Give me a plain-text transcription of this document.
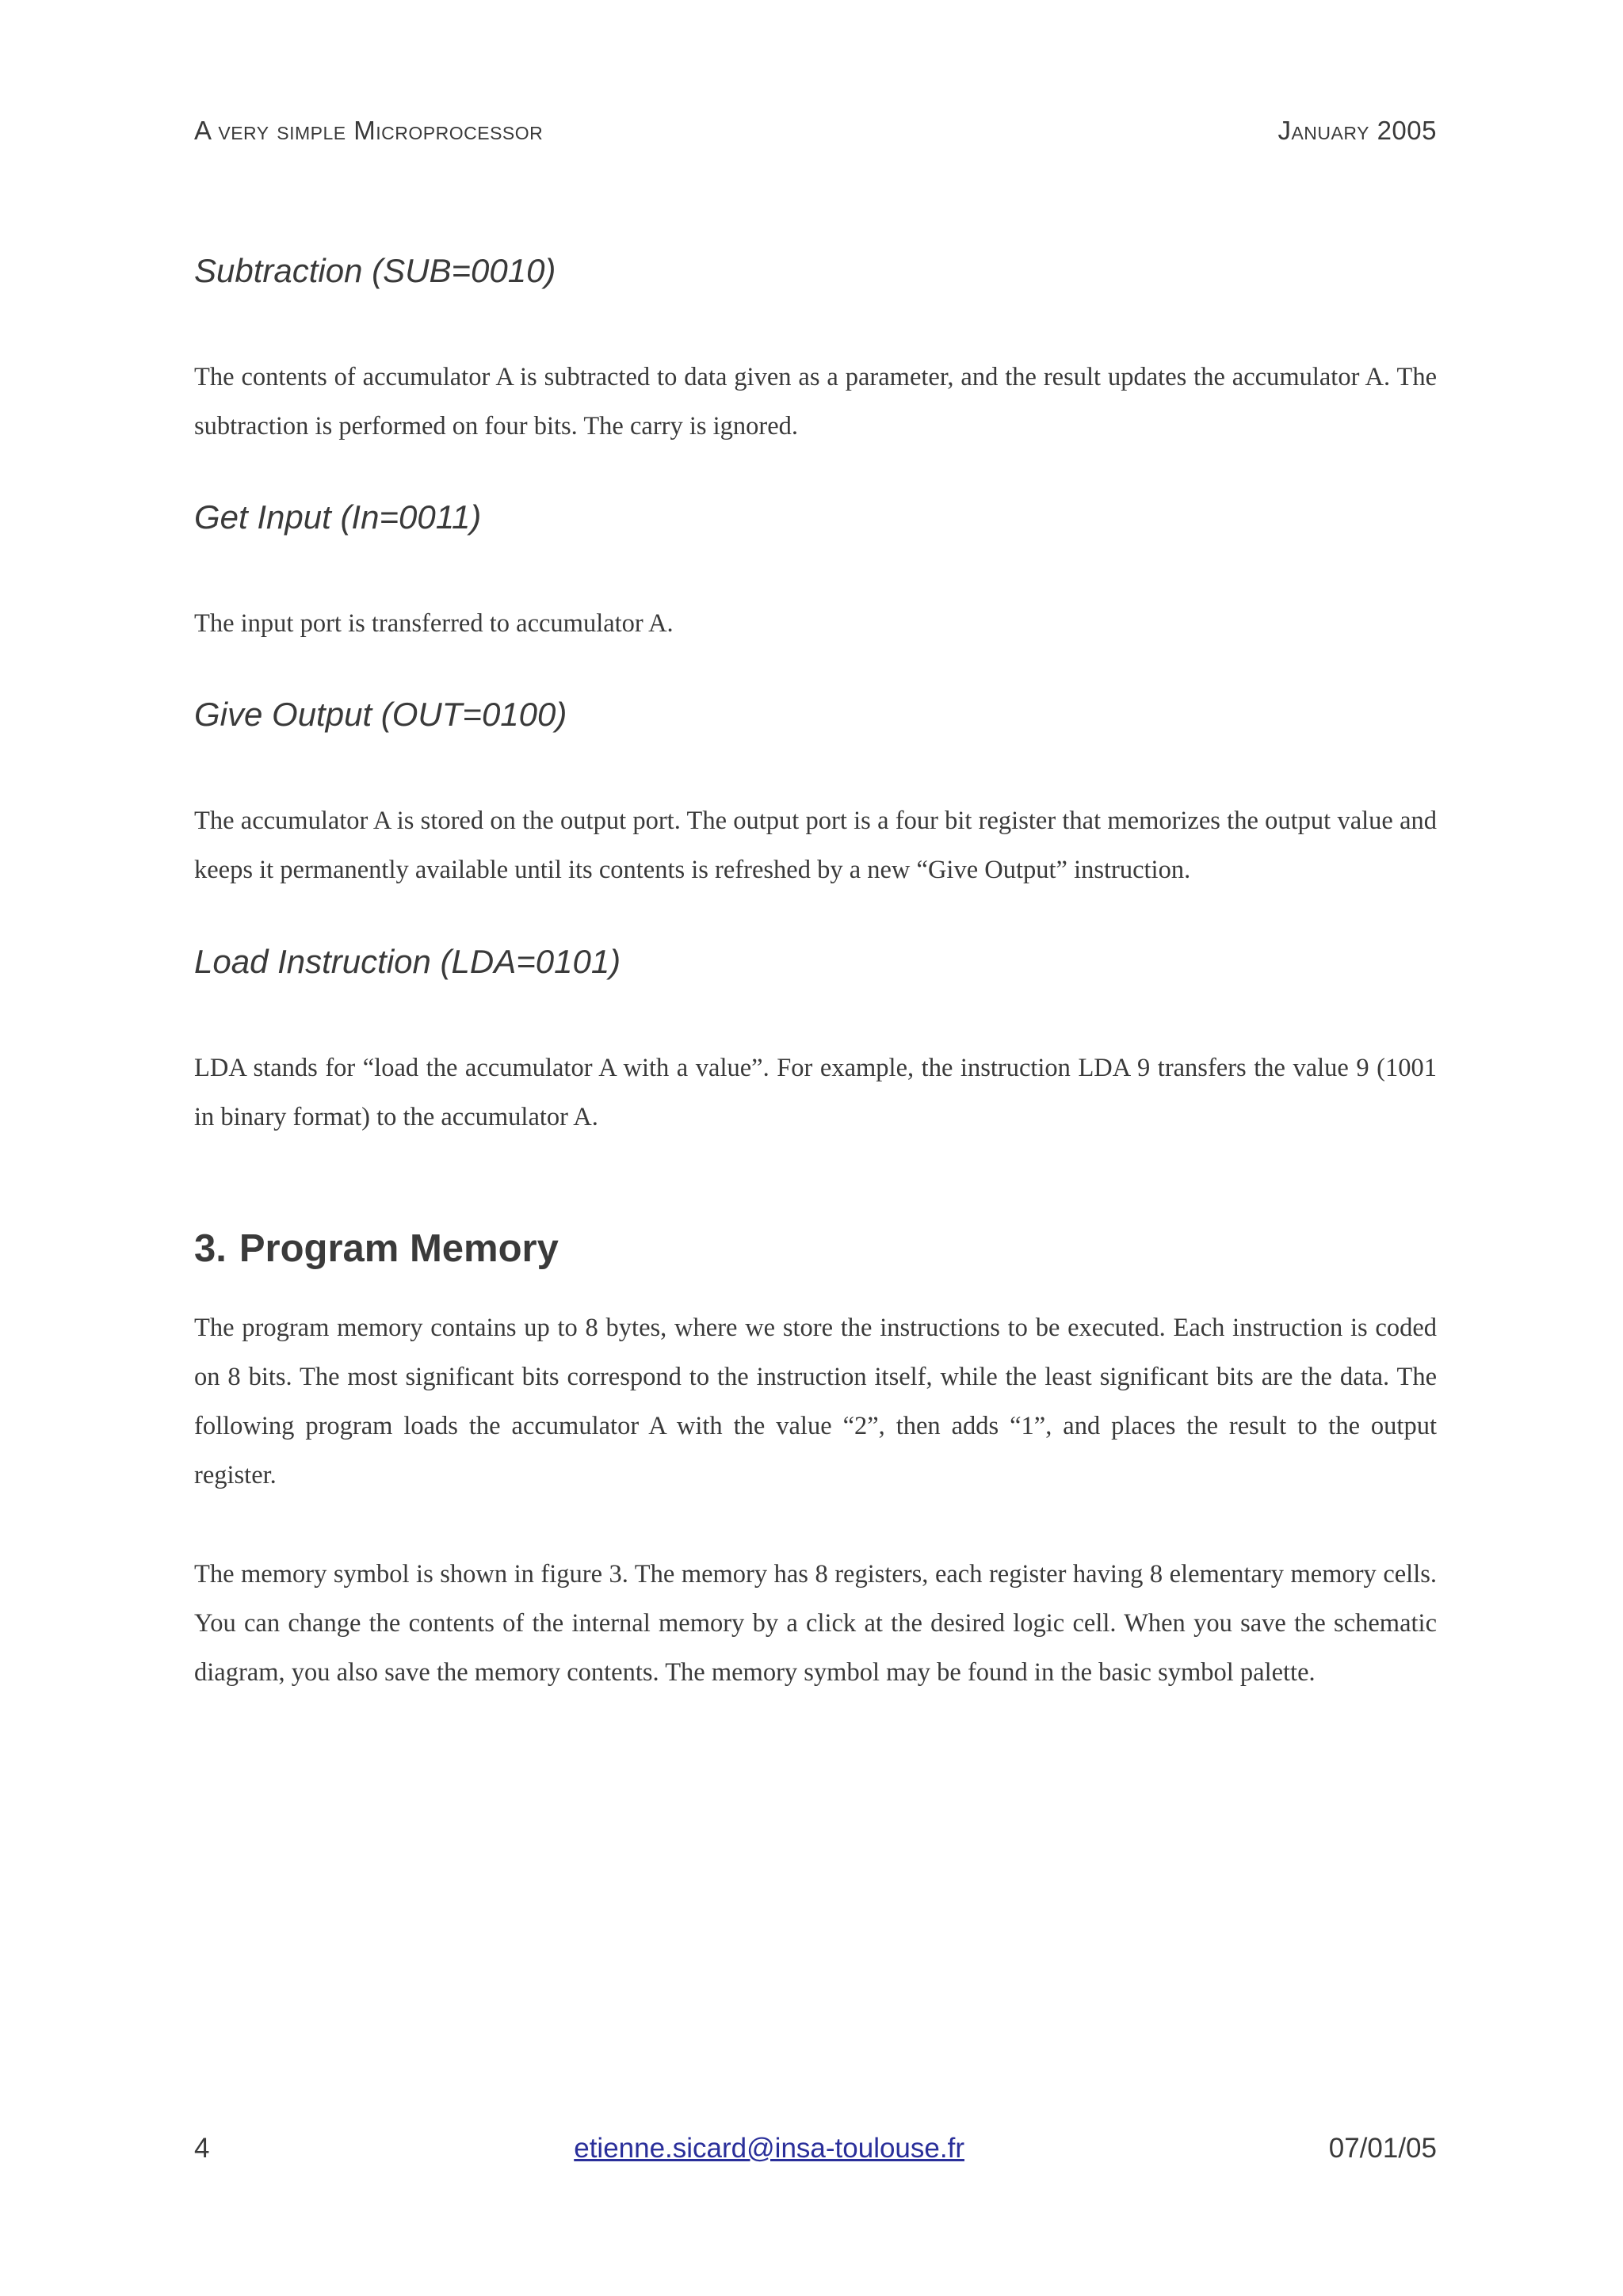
A very simple Microprocessor	January 2005
Subtraction (SUB=0010)

The contents of accumulator A is subtracted to data given as a parameter, and the result updates the accumulator A. The subtraction is performed on four bits. The carry is ignored.

Get Input (In=0011)

The input port is transferred to accumulator A.

Give Output (OUT=0100)

The accumulator A is stored on the output port. The output port is a four bit register that memorizes the output value and keeps it permanently available until its contents is refreshed by a new “Give Output” instruction.

Load Instruction (LDA=0101)

LDA stands for “load the accumulator A with a value”. For example, the instruction LDA 9 transfers the value 9 (1001 in binary format) to the accumulator A.

3. Program Memory

The program memory contains up to 8 bytes, where we store the instructions to be executed. Each instruction is coded on 8 bits. The most significant bits correspond to the instruction itself, while the least significant bits are the data. The following program loads the accumulator A with the value “2”, then adds “1”, and places the result to the output register.

The memory symbol is shown in figure 3. The memory has 8 registers, each register having 8 elementary memory cells. You can change the contents of the internal memory by a click at the desired logic cell. When you save the schematic diagram, you also save the memory contents. The memory symbol may be found in the basic symbol palette.

4	etienne.sicard@insa-toulouse.fr	07/01/05
